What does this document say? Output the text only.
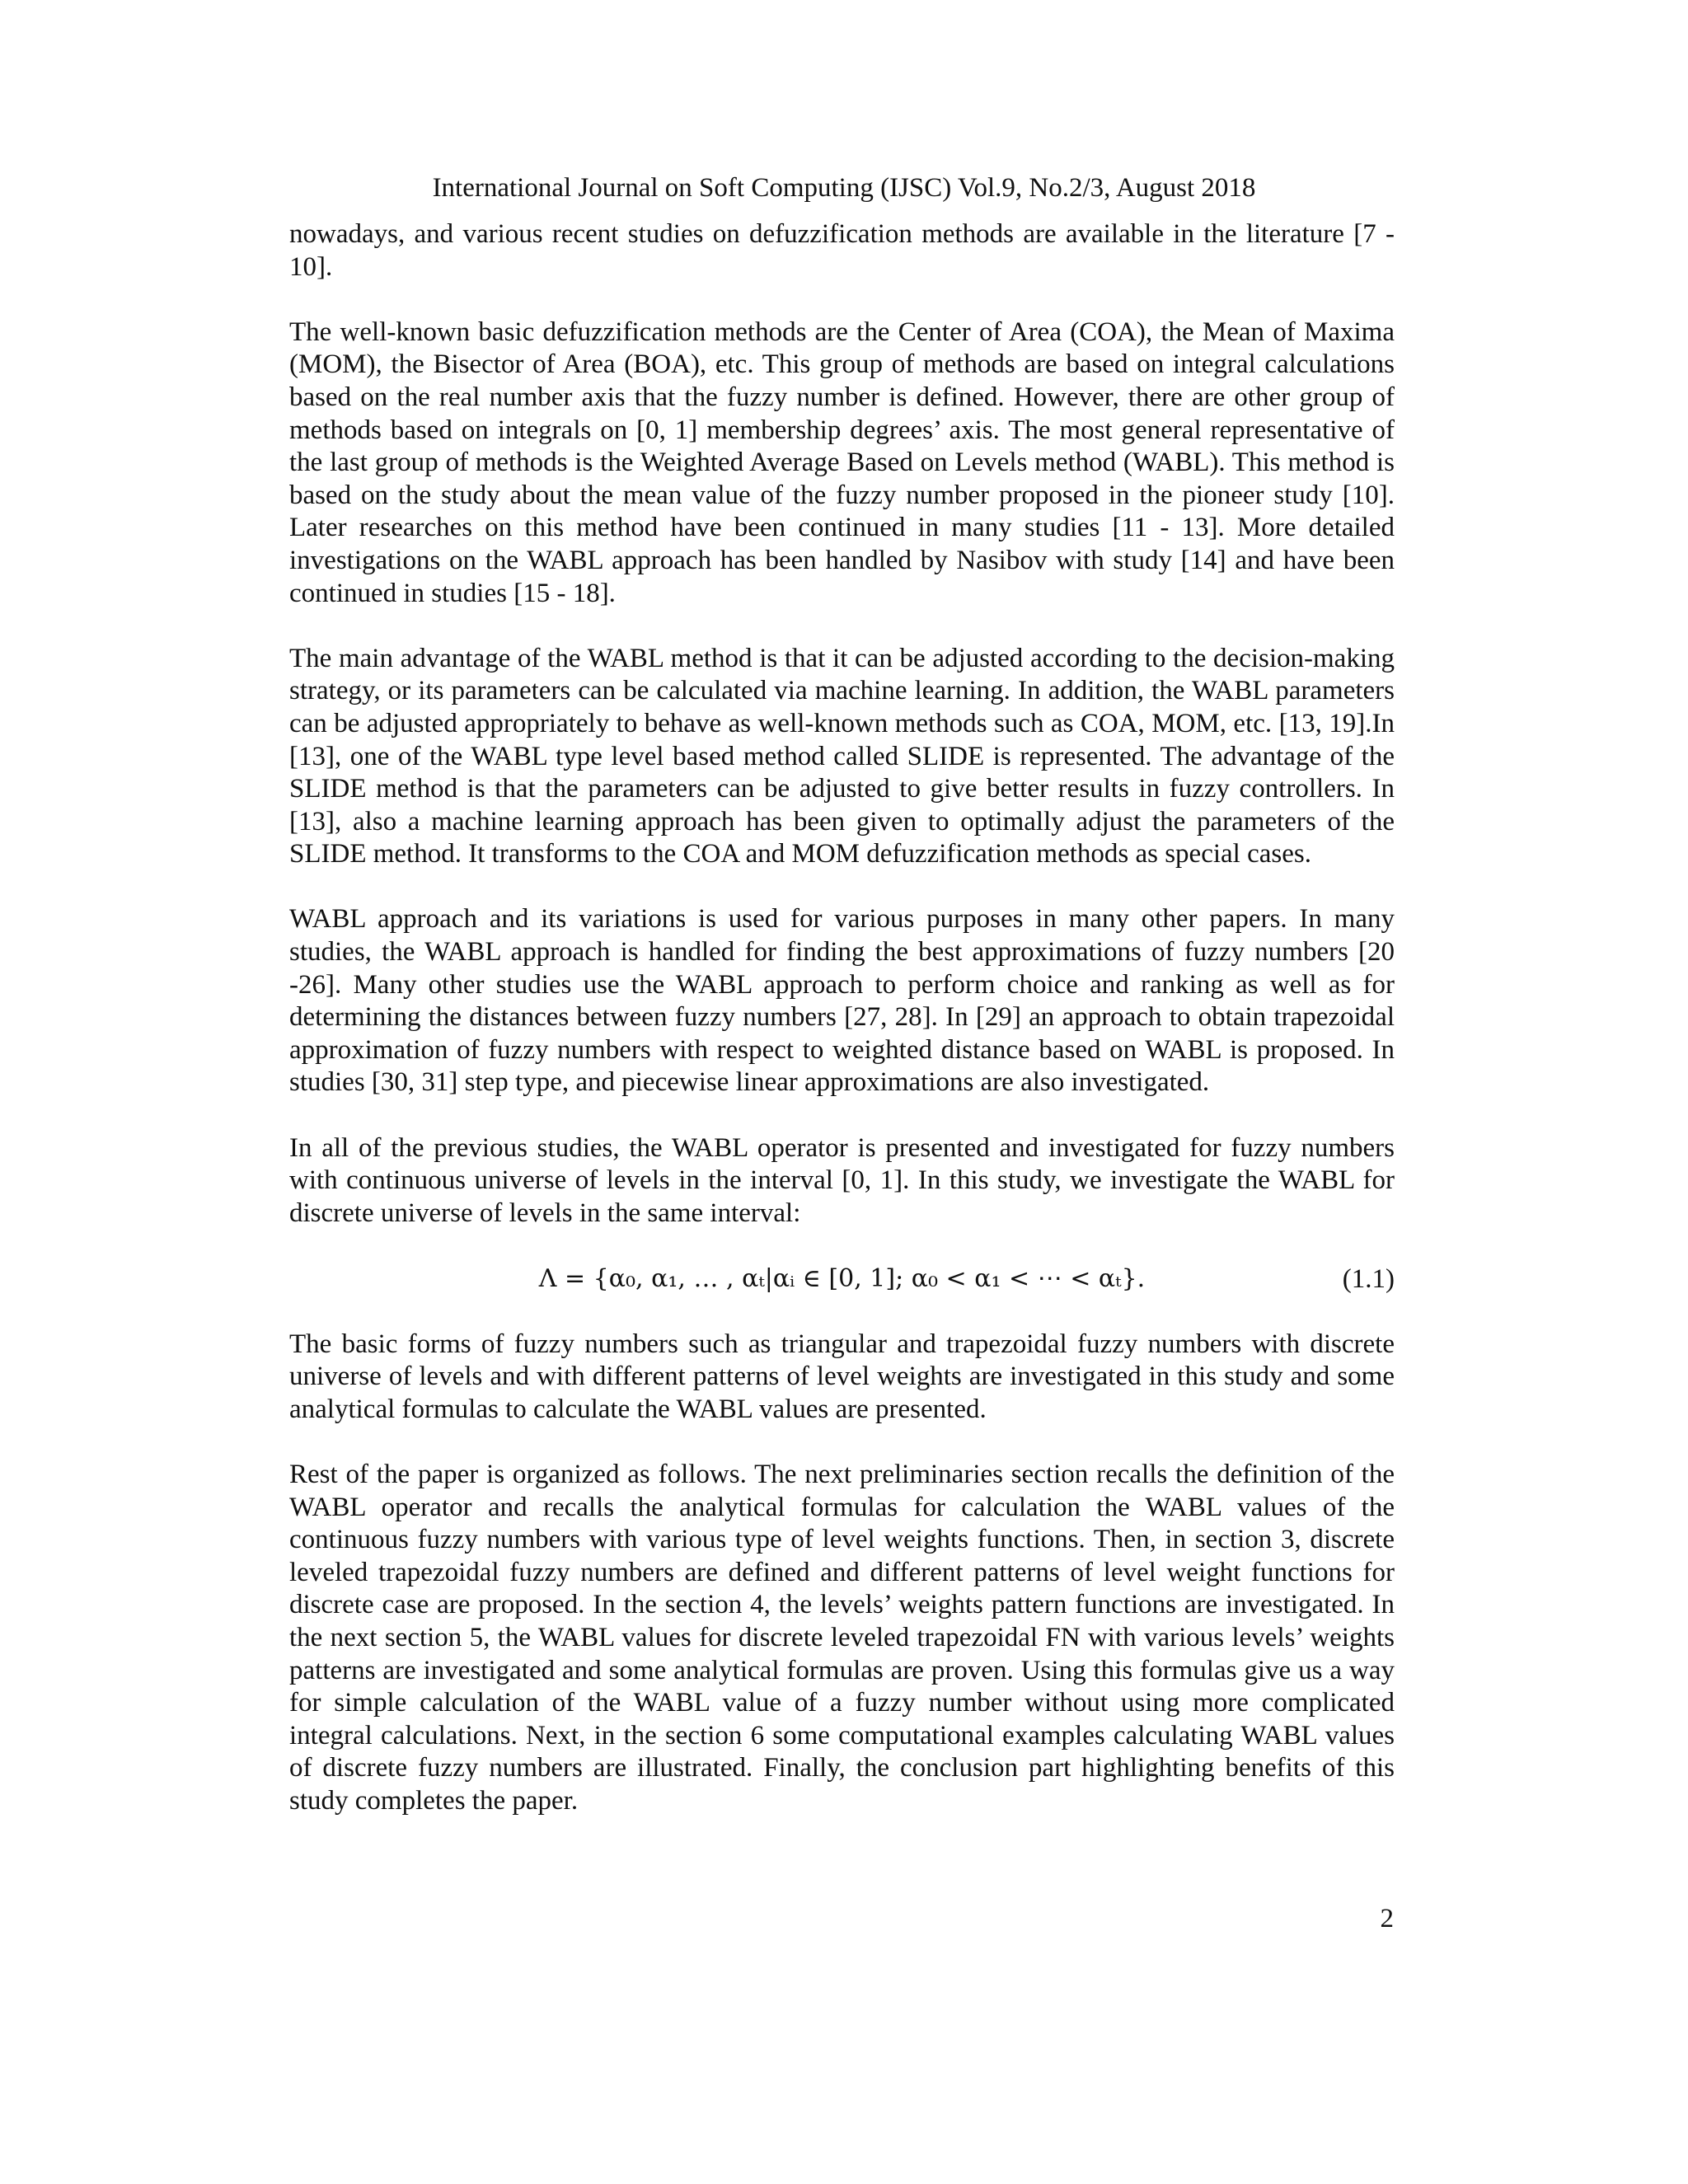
International Journal on Soft Computing (IJSC) Vol.9, No.2/3, August 2018

nowadays, and various recent studies on defuzzification methods are available in the literature [7 - 10].

The well-known basic defuzzification methods are the Center of Area (COA), the Mean of Maxima (MOM), the Bisector of Area (BOA), etc. This group of methods are based on integral calculations based on the real number axis that the fuzzy number is defined. However, there are other group of methods based on integrals on [0, 1] membership degrees’ axis. The most general representative of the last group of methods is the Weighted Average Based on Levels method (WABL). This method is based on the study about the mean value of the fuzzy number proposed in the pioneer study [10]. Later researches on this method have been continued in many studies [11 - 13]. More detailed investigations on the WABL approach has been handled by Nasibov with study [14] and have been continued in studies [15 - 18].

The main advantage of the WABL method is that it can be adjusted according to the decision-making strategy, or its parameters can be calculated via machine learning. In addition, the WABL parameters can be adjusted appropriately to behave as well-known methods such as COA, MOM, etc. [13, 19].In [13], one of the WABL type level based method called SLIDE is represented. The advantage of the SLIDE method is that the parameters can be adjusted to give better results in fuzzy controllers. In [13], also a machine learning approach has been given to optimally adjust the parameters of the SLIDE method. It transforms to the COA and MOM defuzzification methods as special cases.

WABL approach and its variations is used for various purposes in many other papers. In many studies, the WABL approach is handled for finding the best approximations of fuzzy numbers [20 -26]. Many other studies use the WABL approach to perform choice and ranking as well as for determining the distances between fuzzy numbers [27, 28]. In [29] an approach to obtain trapezoidal approximation of fuzzy numbers with respect to weighted distance based on WABL is proposed. In studies [30, 31] step type, and piecewise linear approximations are also investigated.

In all of the previous studies, the WABL operator is presented and investigated for fuzzy numbers with continuous universe of levels in the interval [0, 1]. In this study, we investigate the WABL for discrete universe of levels in the same interval:

Λ = {α₀, α₁, … , αₜ|αᵢ ∈ [0, 1]; α₀ < α₁ < ⋯ < αₜ}.	(1.1)

The basic forms of fuzzy numbers such as triangular and trapezoidal fuzzy numbers with discrete universe of levels and with different patterns of level weights are investigated in this study and some analytical formulas to calculate the WABL values are presented.

Rest of the paper is organized as follows. The next preliminaries section recalls the definition of the WABL operator and recalls the analytical formulas for calculation the WABL values of the continuous fuzzy numbers with various type of level weights functions. Then, in section 3, discrete leveled trapezoidal fuzzy numbers are defined and different patterns of level weight functions for discrete case are proposed. In the section 4, the levels’ weights pattern functions are investigated. In the next section 5, the WABL values for discrete leveled trapezoidal FN with various levels’ weights patterns are investigated and some analytical formulas are proven. Using this formulas give us a way for simple calculation of the WABL value of a fuzzy number without using more complicated integral calculations. Next, in the section 6 some computational examples calculating WABL values of discrete fuzzy numbers are illustrated. Finally, the conclusion part highlighting benefits of this study completes the paper.

2
